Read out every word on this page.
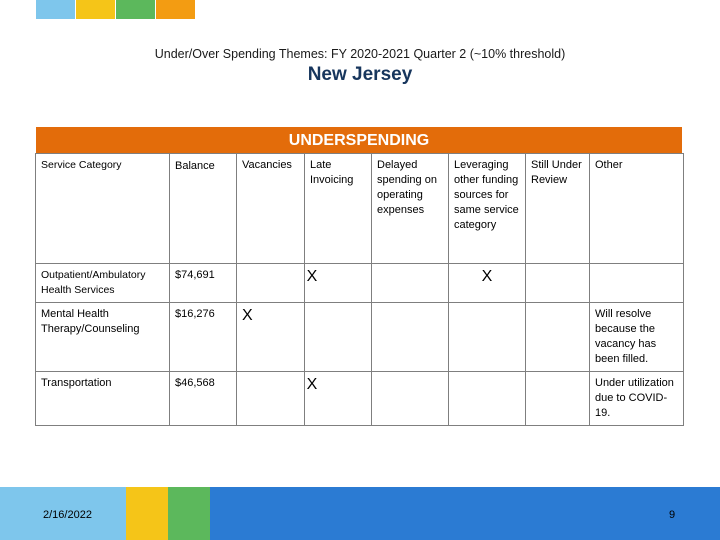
Under/Over Spending Themes: FY 2020-2021 Quarter 2 (~10% threshold)
New Jersey
UNDERSPENDING
Service Category	Balance	Vacancies	Late Invoicing	Delayed spending on operating expenses	Leveraging other funding sources for same service category	Still Under Review	Other
Outpatient/Ambulatory Health Services	$74,691		X		X		

Mental Health Therapy/Counseling	$16,276	X					Will resolve because the vacancy has been filled.
Transportation	$46,568		X				Under utilization due to COVID-19.
2/16/2022	9
